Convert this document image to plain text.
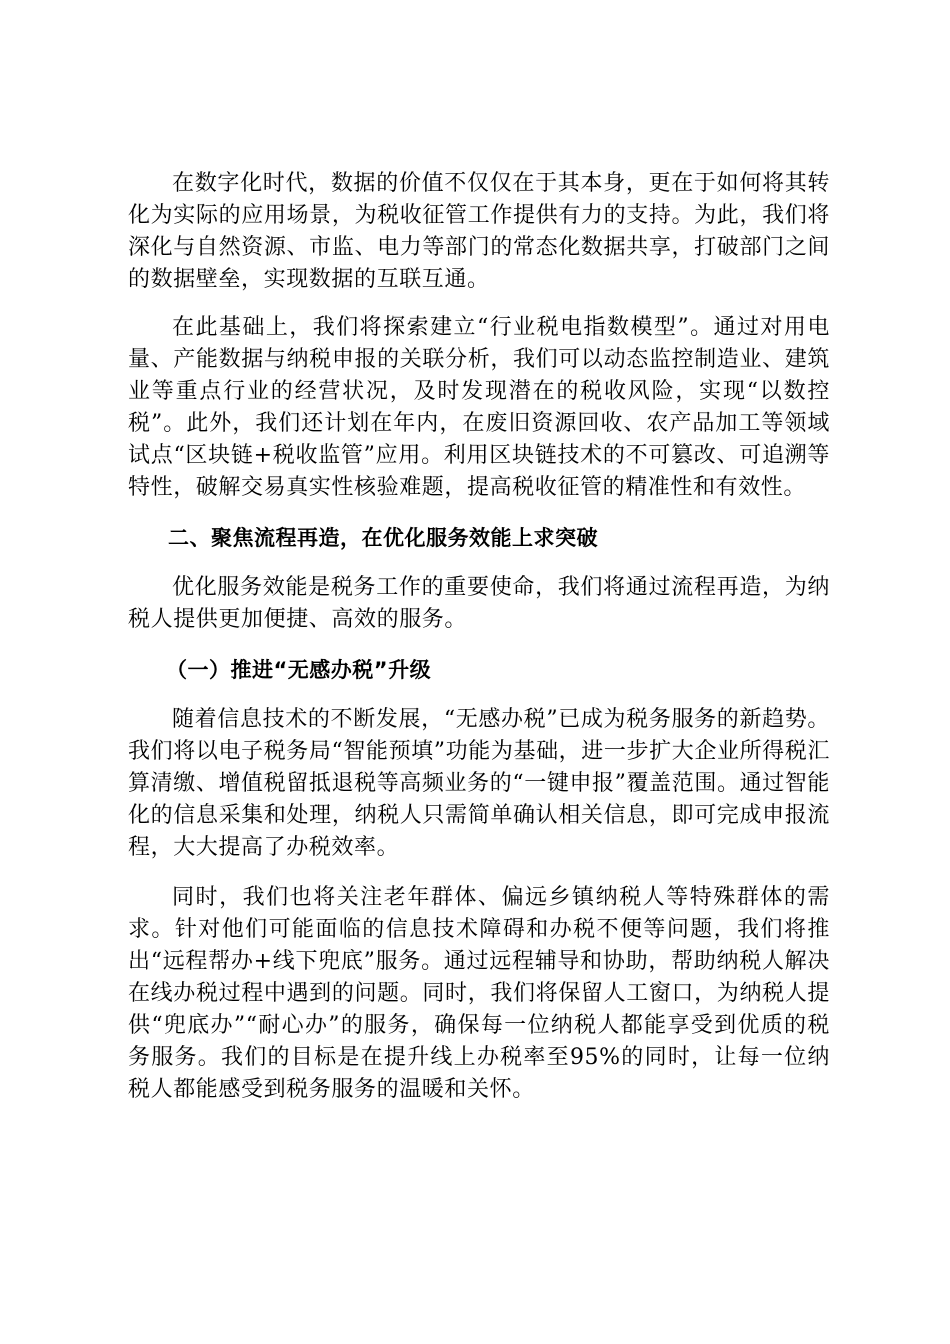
在数字化时代，数据的价值不仅仅在于其本身，更在于如何将其转化为实际的应用场景，为税收征管工作提供有力的支持。为此，我们将深化与自然资源、市监、电力等部门的常态化数据共享，打破部门之间的数据壁垒，实现数据的互联互通。

在此基础上，我们将探索建立“行业税电指数模型”。通过对用电量、产能数据与纳税申报的关联分析，我们可以动态监控制造业、建筑业等重点行业的经营状况，及时发现潜在的税收风险，实现“以数控税”。此外，我们还计划在年内，在废旧资源回收、农产品加工等领域试点“区块链+税收监管”应用。利用区块链技术的不可篡改、可追溯等特性，破解交易真实性核验难题，提高税收征管的精准性和有效性。

二、聚焦流程再造，在优化服务效能上求突破

优化服务效能是税务工作的重要使命，我们将通过流程再造，为纳税人提供更加便捷、高效的服务。

（一）推进“无感办税”升级

随着信息技术的不断发展，“无感办税”已成为税务服务的新趋势。我们将以电子税务局“智能预填”功能为基础，进一步扩大企业所得税汇算清缴、增值税留抵退税等高频业务的“一键申报”覆盖范围。通过智能化的信息采集和处理，纳税人只需简单确认相关信息，即可完成申报流程，大大提高了办税效率。

同时，我们也将关注老年群体、偏远乡镇纳税人等特殊群体的需求。针对他们可能面临的信息技术障碍和办税不便等问题，我们将推出“远程帮办+线下兜底”服务。通过远程辅导和协助，帮助纳税人解决在线办税过程中遇到的问题。同时，我们将保留人工窗口，为纳税人提供“兜底办”“耐心办”的服务，确保每一位纳税人都能享受到优质的税务服务。我们的目标是在提升线上办税率至95%的同时，让每一位纳税人都能感受到税务服务的温暖和关怀。
